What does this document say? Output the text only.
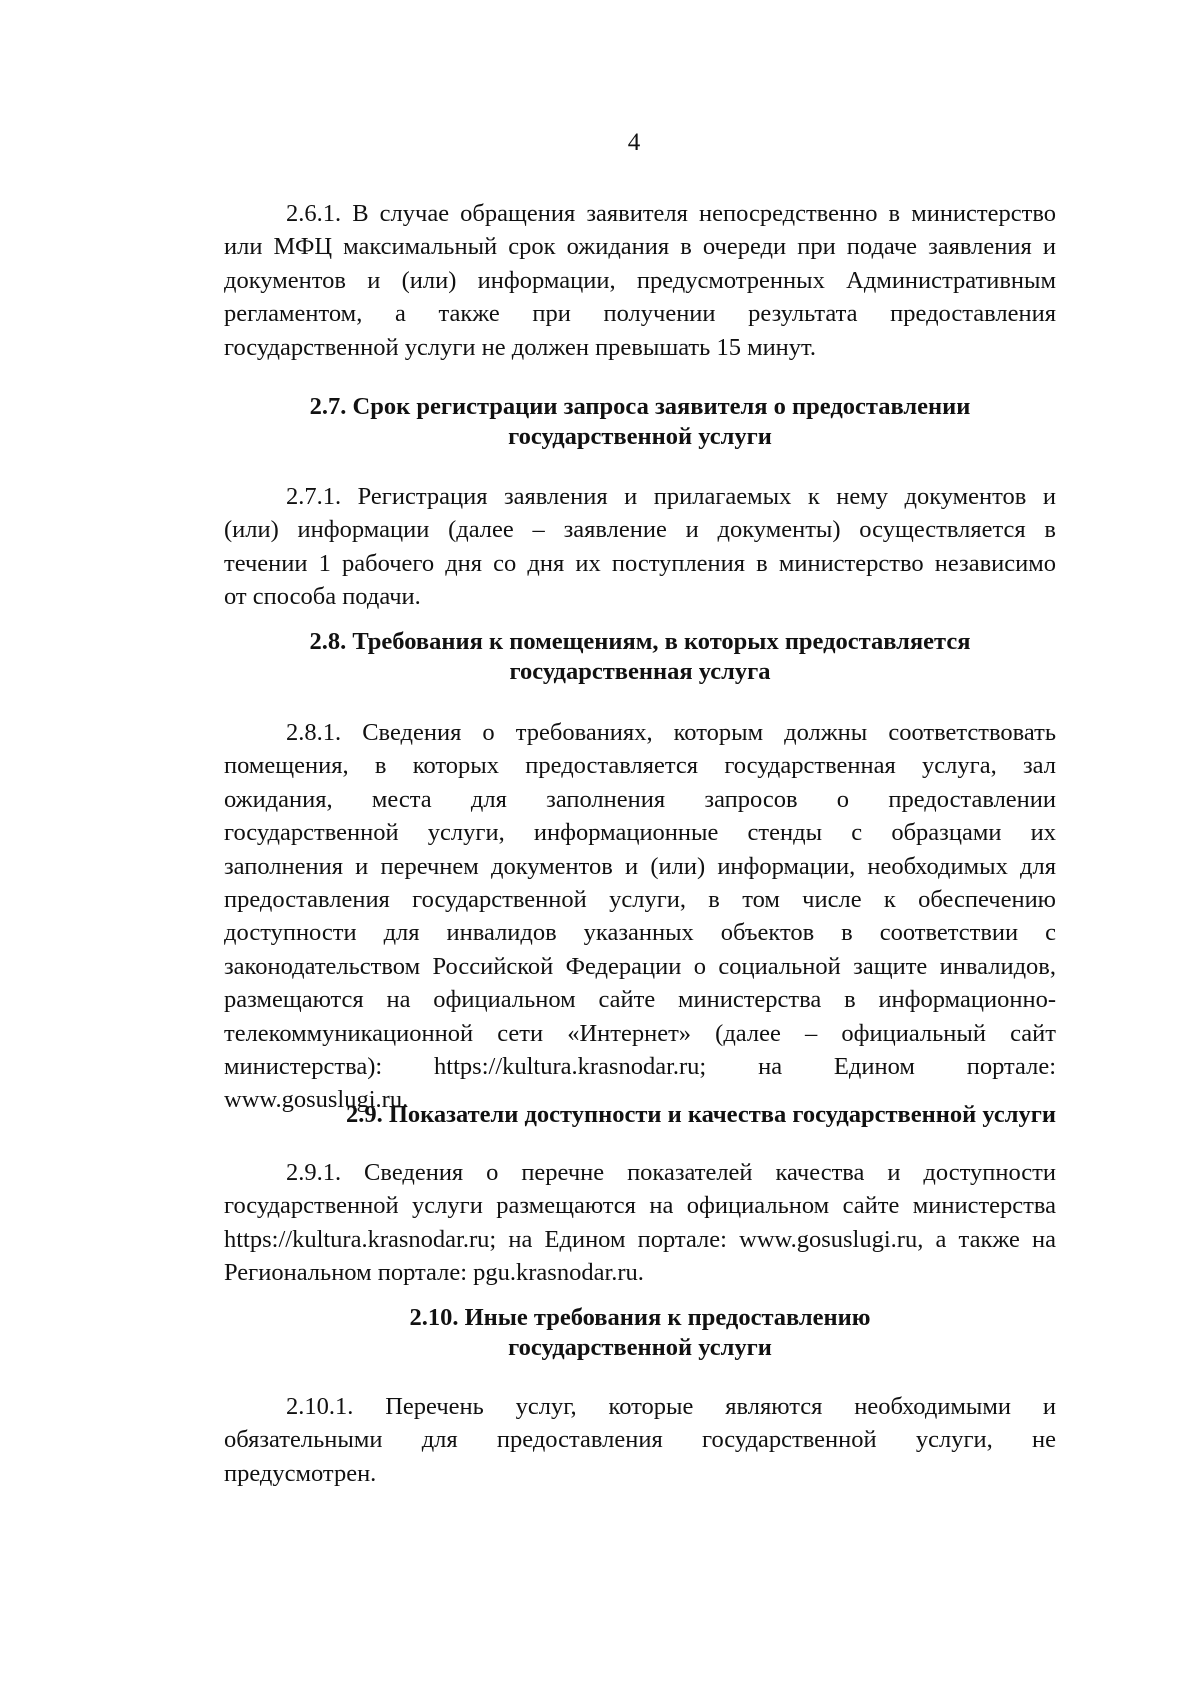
4
2.6.1. В случае обращения заявителя непосредственно в министерство
или МФЦ максимальный срок ожидания в очереди при подаче заявления и
документов и (или) информации, предусмотренных Административным
регламентом, а также при получении результата предоставления
государственной услуги не должен превышать 15 минут.
2.7. Срок регистрации запроса заявителя о предоставлении
государственной услуги
2.7.1. Регистрация заявления и прилагаемых к нему документов и
(или) информации (далее – заявление и документы) осуществляется в
течении 1 рабочего дня со дня их поступления в министерство независимо
от способа подачи.
2.8. Требования к помещениям, в которых предоставляется
государственная услуга
2.8.1. Сведения о требованиях, которым должны соответствовать
помещения, в которых предоставляется государственная услуга, зал
ожидания, места для заполнения запросов о предоставлении
государственной услуги, информационные стенды с образцами их
заполнения и перечнем документов и (или) информации, необходимых для
предоставления государственной услуги, в том числе к обеспечению
доступности для инвалидов указанных объектов в соответствии с
законодательством Российской Федерации о социальной защите инвалидов,
размещаются на официальном сайте министерства в информационно-
телекоммуникационной сети «Интернет» (далее – официальный сайт
министерства): https://kultura.krasnodar.ru; на Едином портале:
www.gosuslugi.ru.
2.9. Показатели доступности и качества государственной услуги
2.9.1. Сведения о перечне показателей качества и доступности
государственной услуги размещаются на официальном сайте министерства
https://kultura.krasnodar.ru; на Едином портале: www.gosuslugi.ru, а также на
Региональном портале: pgu.krasnodar.ru.
2.10. Иные требования к предоставлению
государственной услуги
2.10.1. Перечень услуг, которые являются необходимыми и
обязательными для предоставления государственной услуги, не
предусмотрен.
